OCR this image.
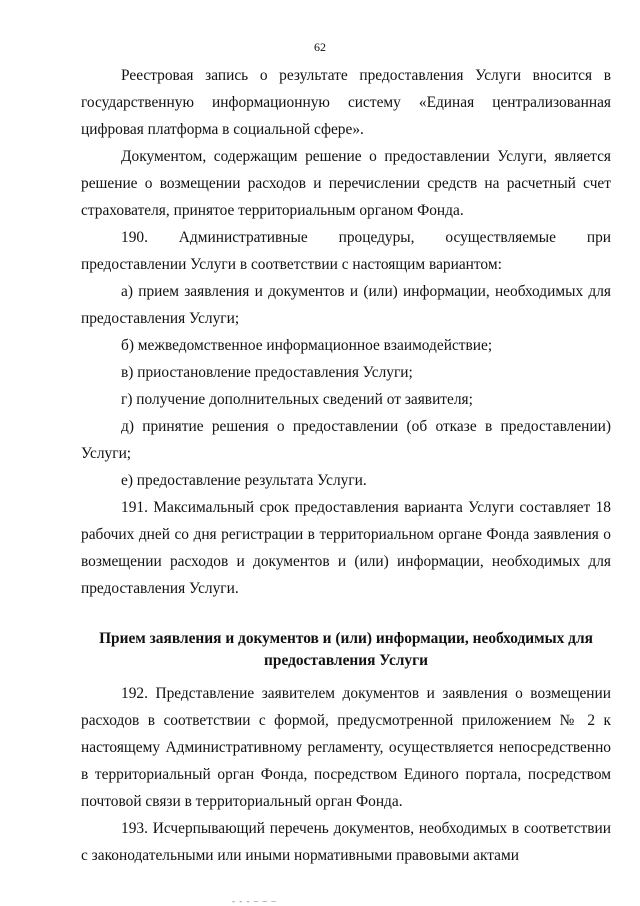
62

Реестровая запись о результате предоставления Услуги вносится в государственную информационную систему «Единая централизованная цифровая платформа в социальной сфере».

Документом, содержащим решение о предоставлении Услуги, является решение о возмещении расходов и перечислении средств на расчетный счет страхователя, принятое территориальным органом Фонда.

190. Административные процедуры, осуществляемые при предоставлении Услуги в соответствии с настоящим вариантом:

а) прием заявления и документов и (или) информации, необходимых для предоставления Услуги;

б) межведомственное информационное взаимодействие;

в) приостановление предоставления Услуги;

г) получение дополнительных сведений от заявителя;

д) принятие решения о предоставлении (об отказе в предоставлении) Услуги;

е) предоставление результата Услуги.

191. Максимальный срок предоставления варианта Услуги составляет 18 рабочих дней со дня регистрации в территориальном органе Фонда заявления о возмещении расходов и документов и (или) информации, необходимых для предоставления Услуги.

Прием заявления и документов и (или) информации, необходимых для предоставления Услуги

192. Представление заявителем документов и заявления о возмещении расходов в соответствии с формой, предусмотренной приложением № 2 к настоящему Административному регламенту, осуществляется непосредственно в территориальный орган Фонда, посредством Единого портала, посредством почтовой связи в территориальный орган Фонда.

193. Исчерпывающий перечень документов, необходимых в соответствии с законодательными или иными нормативными правовыми актами

- - - ‒ ‒ ‒
